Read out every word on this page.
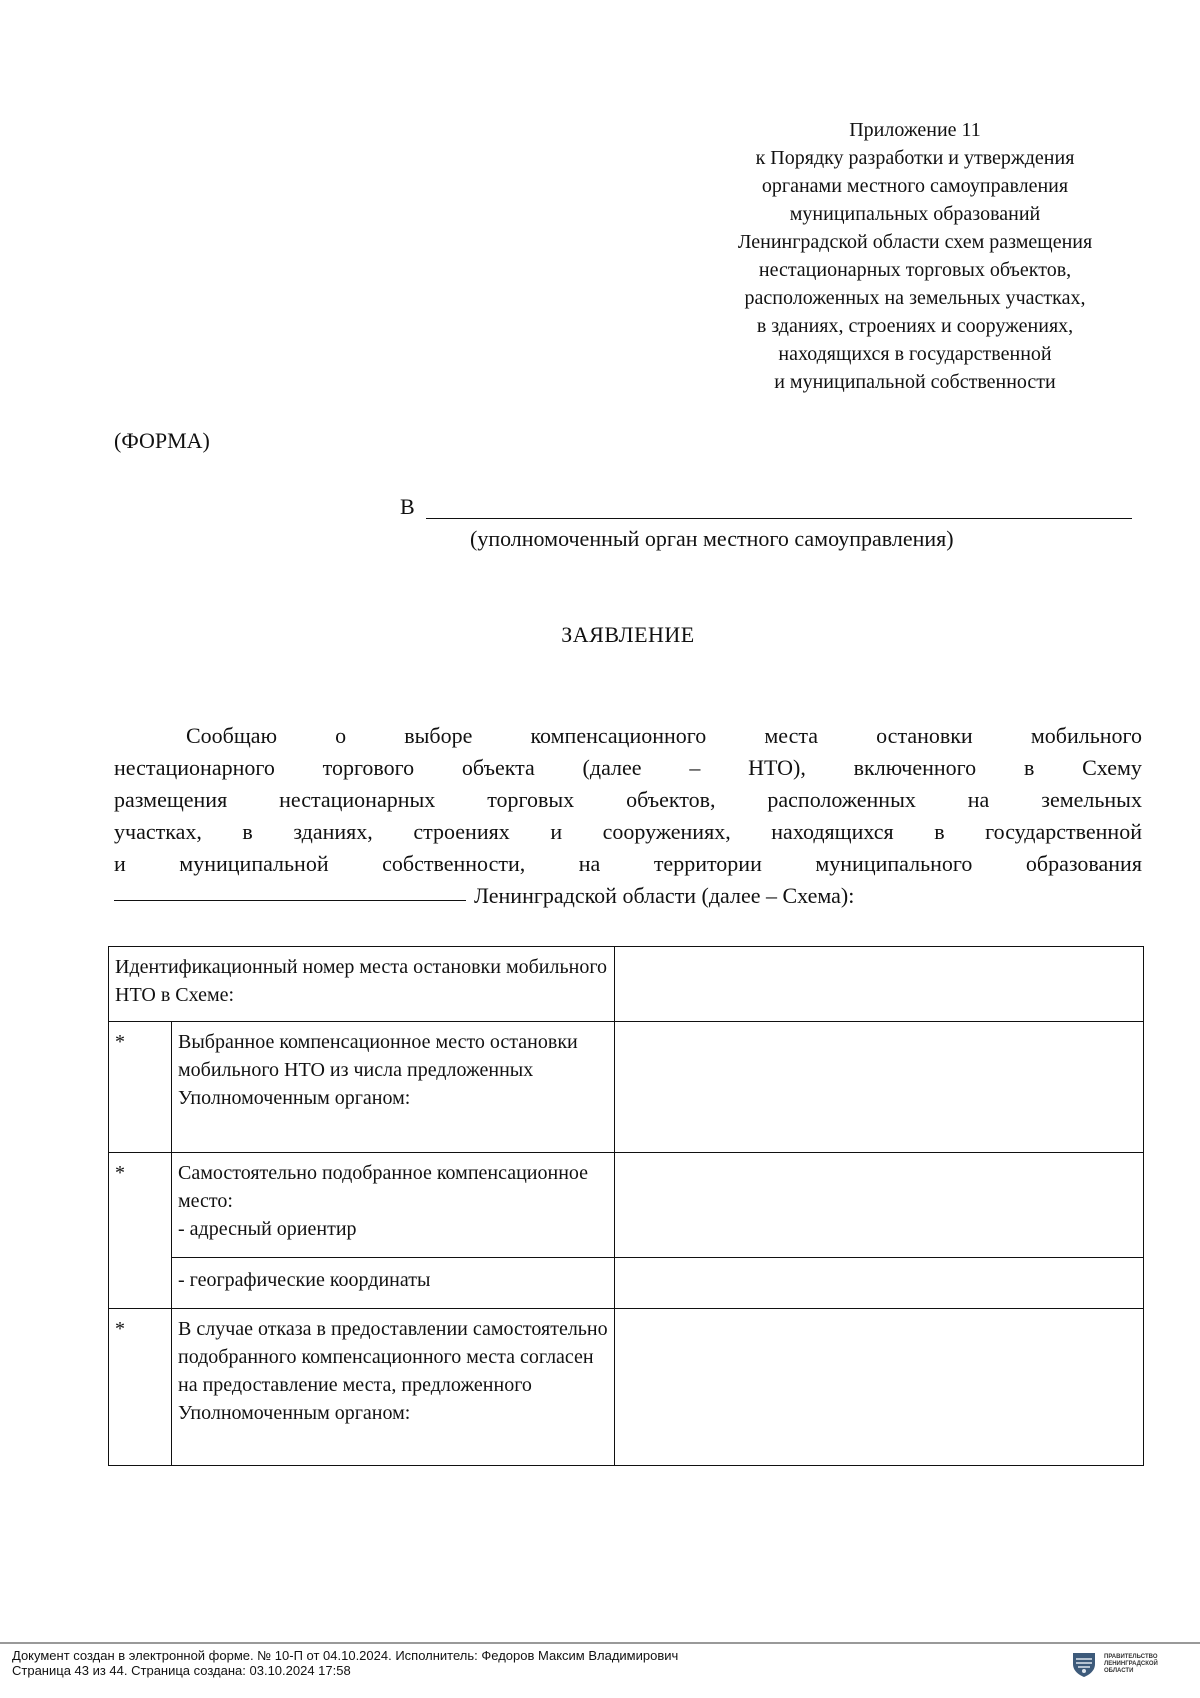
Приложение 11
к Порядку разработки и утверждения
органами местного самоуправления
муниципальных образований
Ленинградской области схем размещения
нестационарных торговых объектов,
расположенных на земельных участках,
в зданиях, строениях и сооружениях,
находящихся в государственной
и муниципальной собственности
(ФОРМА)
В
(уполномоченный орган местного самоуправления)
ЗАЯВЛЕНИЕ
Сообщаю	о	выборе	компенсационного	места	остановки	мобильного
нестационарного торгового объекта (далее – НТО), включенного в Схему
размещения нестационарных торговых объектов, расположенных на земельных
участках, в зданиях, строениях и сооружениях, находящихся в государственной
и муниципальной собственности, на территории муниципального образования
Ленинградской области (далее – Схема):
Идентификационный номер места остановки мобильного НТО в Схеме:		
*	Выбранное компенсационное место остановки мобильного НТО из числа предложенных Уполномоченным органом:	
*	Самостоятельно подобранное компенсационное место:
- адресный ориентир	
	- географические координаты	
*	В случае отказа в предоставлении самостоятельно подобранного компенсационного места согласен на предоставление места, предложенного Уполномоченным органом:	
Документ создан в электронной форме. № 10-П от 04.10.2024. Исполнитель: Федоров Максим Владимирович
Страница 43 из 44. Страница создана: 03.10.2024 17:58
ПРАВИТЕЛЬСТВО
ЛЕНИНГРАДСКОЙ
ОБЛАСТИ
